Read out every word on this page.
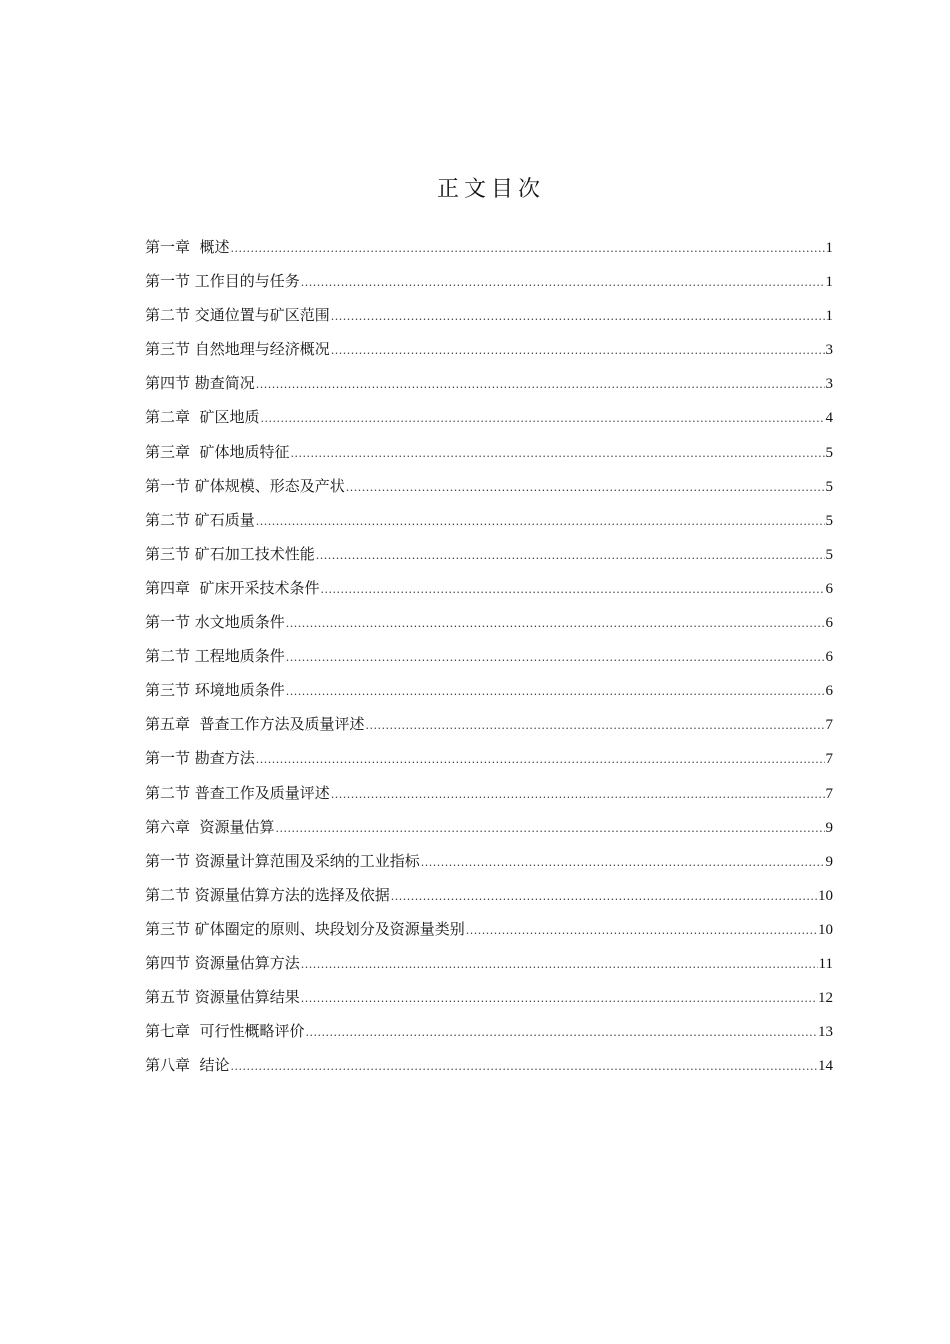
正文目次
第一章  概述 .....	1
第一节 工作目的与任务 .....	1
第二节 交通位置与矿区范围 .....	1
第三节 自然地理与经济概况 .....	3
第四节 勘查简况 .....	3
第二章  矿区地质 .....	4
第三章  矿体地质特征 .....	5
第一节 矿体规模、形态及产状 .....	5
第二节 矿石质量 .....	5
第三节 矿石加工技术性能 .....	5
第四章  矿床开采技术条件 .....	6
第一节 水文地质条件 .....	6
第二节 工程地质条件 .....	6
第三节 环境地质条件 .....	6
第五章  普查工作方法及质量评述 .....	7
第一节 勘查方法 .....	7
第二节 普查工作及质量评述 .....	7
第六章  资源量估算 .....	9
第一节 资源量计算范围及采纳的工业指标 .....	9
第二节 资源量估算方法的选择及依据 .....	10
第三节 矿体圈定的原则、块段划分及资源量类别 .....	10
第四节 资源量估算方法 .....	11
第五节 资源量估算结果 .....	12
第七章  可行性概略评价 .....	13
第八章  结论 .....	14
